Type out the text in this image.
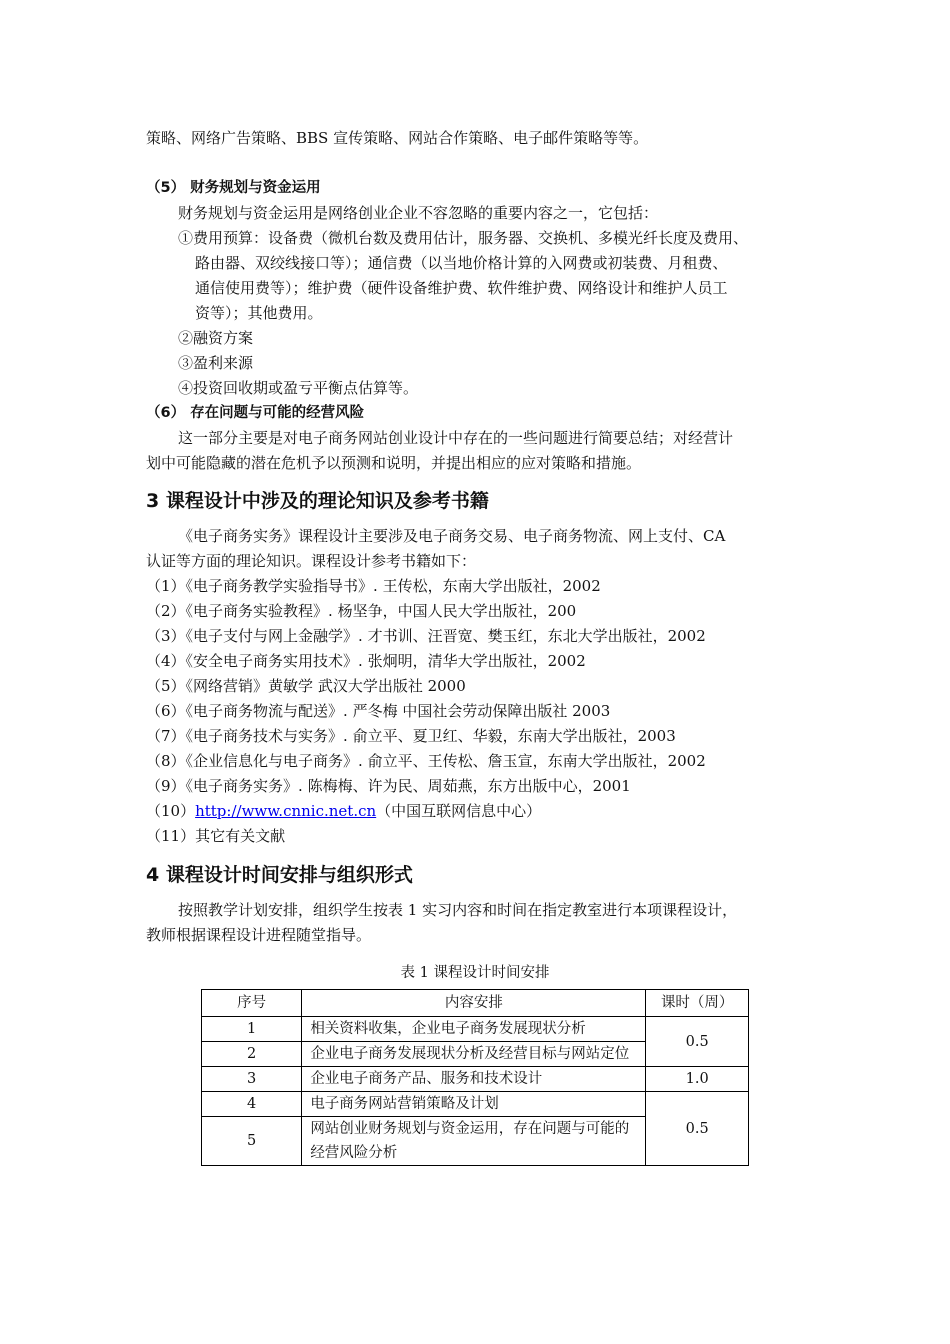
策略、网络广告策略、BBS 宣传策略、网站合作策略、电子邮件策略等等。
（5） 财务规划与资金运用
财务规划与资金运用是网络创业企业不容忽略的重要内容之一，它包括：
①费用预算：设备费（微机台数及费用估计，服务器、交换机、多模光纤长度及费用、
路由器、双绞线接口等）；通信费（以当地价格计算的入网费或初装费、月租费、
通信使用费等）；维护费（硬件设备维护费、软件维护费、网络设计和维护人员工
资等）；其他费用。
②融资方案
③盈利来源
④投资回收期或盈亏平衡点估算等。
（6） 存在问题与可能的经营风险
这一部分主要是对电子商务网站创业设计中存在的一些问题进行简要总结；对经营计
划中可能隐藏的潜在危机予以预测和说明，并提出相应的应对策略和措施。
3 课程设计中涉及的理论知识及参考书籍
《电子商务实务》课程设计主要涉及电子商务交易、电子商务物流、网上支付、CA
认证等方面的理论知识。课程设计参考书籍如下：
（1）《电子商务教学实验指导书》. 王传松，东南大学出版社，2002
（2）《电子商务实验教程》. 杨坚争，中国人民大学出版社，200
（3）《电子支付与网上金融学》. 才书训、汪晋宽、樊玉红，东北大学出版社，2002
（4）《安全电子商务实用技术》. 张炯明，清华大学出版社，2002
（5）《网络营销》黄敏学 武汉大学出版社 2000
（6）《电子商务物流与配送》. 严冬梅 中国社会劳动保障出版社 2003
（7）《电子商务技术与实务》. 俞立平、夏卫红、华毅，东南大学出版社，2003
（8）《企业信息化与电子商务》. 俞立平、王传松、詹玉宣，东南大学出版社，2002
（9）《电子商务实务》. 陈梅梅、许为民、周茹燕，东方出版中心，2001
（10）http://www.cnnic.net.cn（中国互联网信息中心）
（11）其它有关文献
4 课程设计时间安排与组织形式
按照教学计划安排，组织学生按表 1 实习内容和时间在指定教室进行本项课程设计，
教师根据课程设计进程随堂指导。
表 1 课程设计时间安排
序号	内容安排	课时（周）
1	相关资料收集，企业电子商务发展现状分析	0.5
2	企业电子商务发展现状分析及经营目标与网站定位	
3	企业电子商务产品、服务和技术设计	1.0
4	电子商务网站营销策略及计划	0.5
5	网站创业财务规划与资金运用，存在问题与可能的经营风险分析	
